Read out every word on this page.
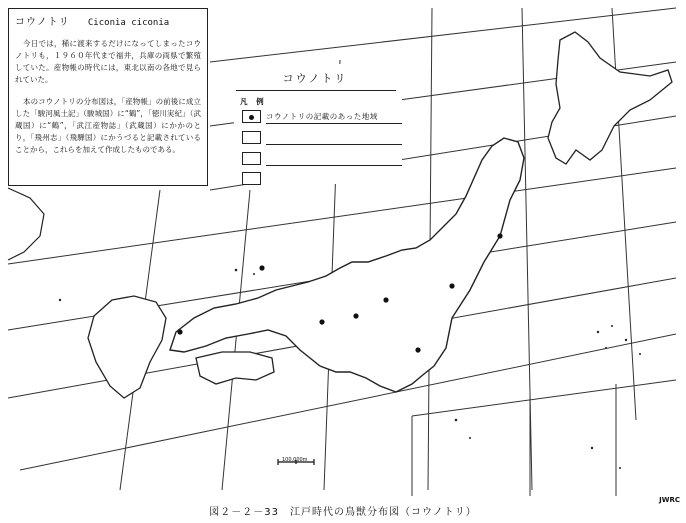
コウノトリ Ciconia ciconia
今日では，稀に渡来するだけになってしまったコウノトリも，１９６０年代まで福井，兵庫の両県で繁殖していた。産物帳の時代には，東北以南の各地で見られていた。
本のコウノトリの分布図は，「産物帳」の前後に成立した「駿河風土記」（駿城国）に“鶴”，「徳川実紀」（武蔵国）に“鶴”，「武江産物誌」（武蔵国）にかかのとり，「飛州志」（飛騨国）にかうづると記載されていることから，これらを加えて作成したものである。
コウノトリ
凡 例
コウノトリの記載のあった地域
100,000m
図２－２－33　江戸時代の鳥獣分布図（コウノトリ）
JWRC
